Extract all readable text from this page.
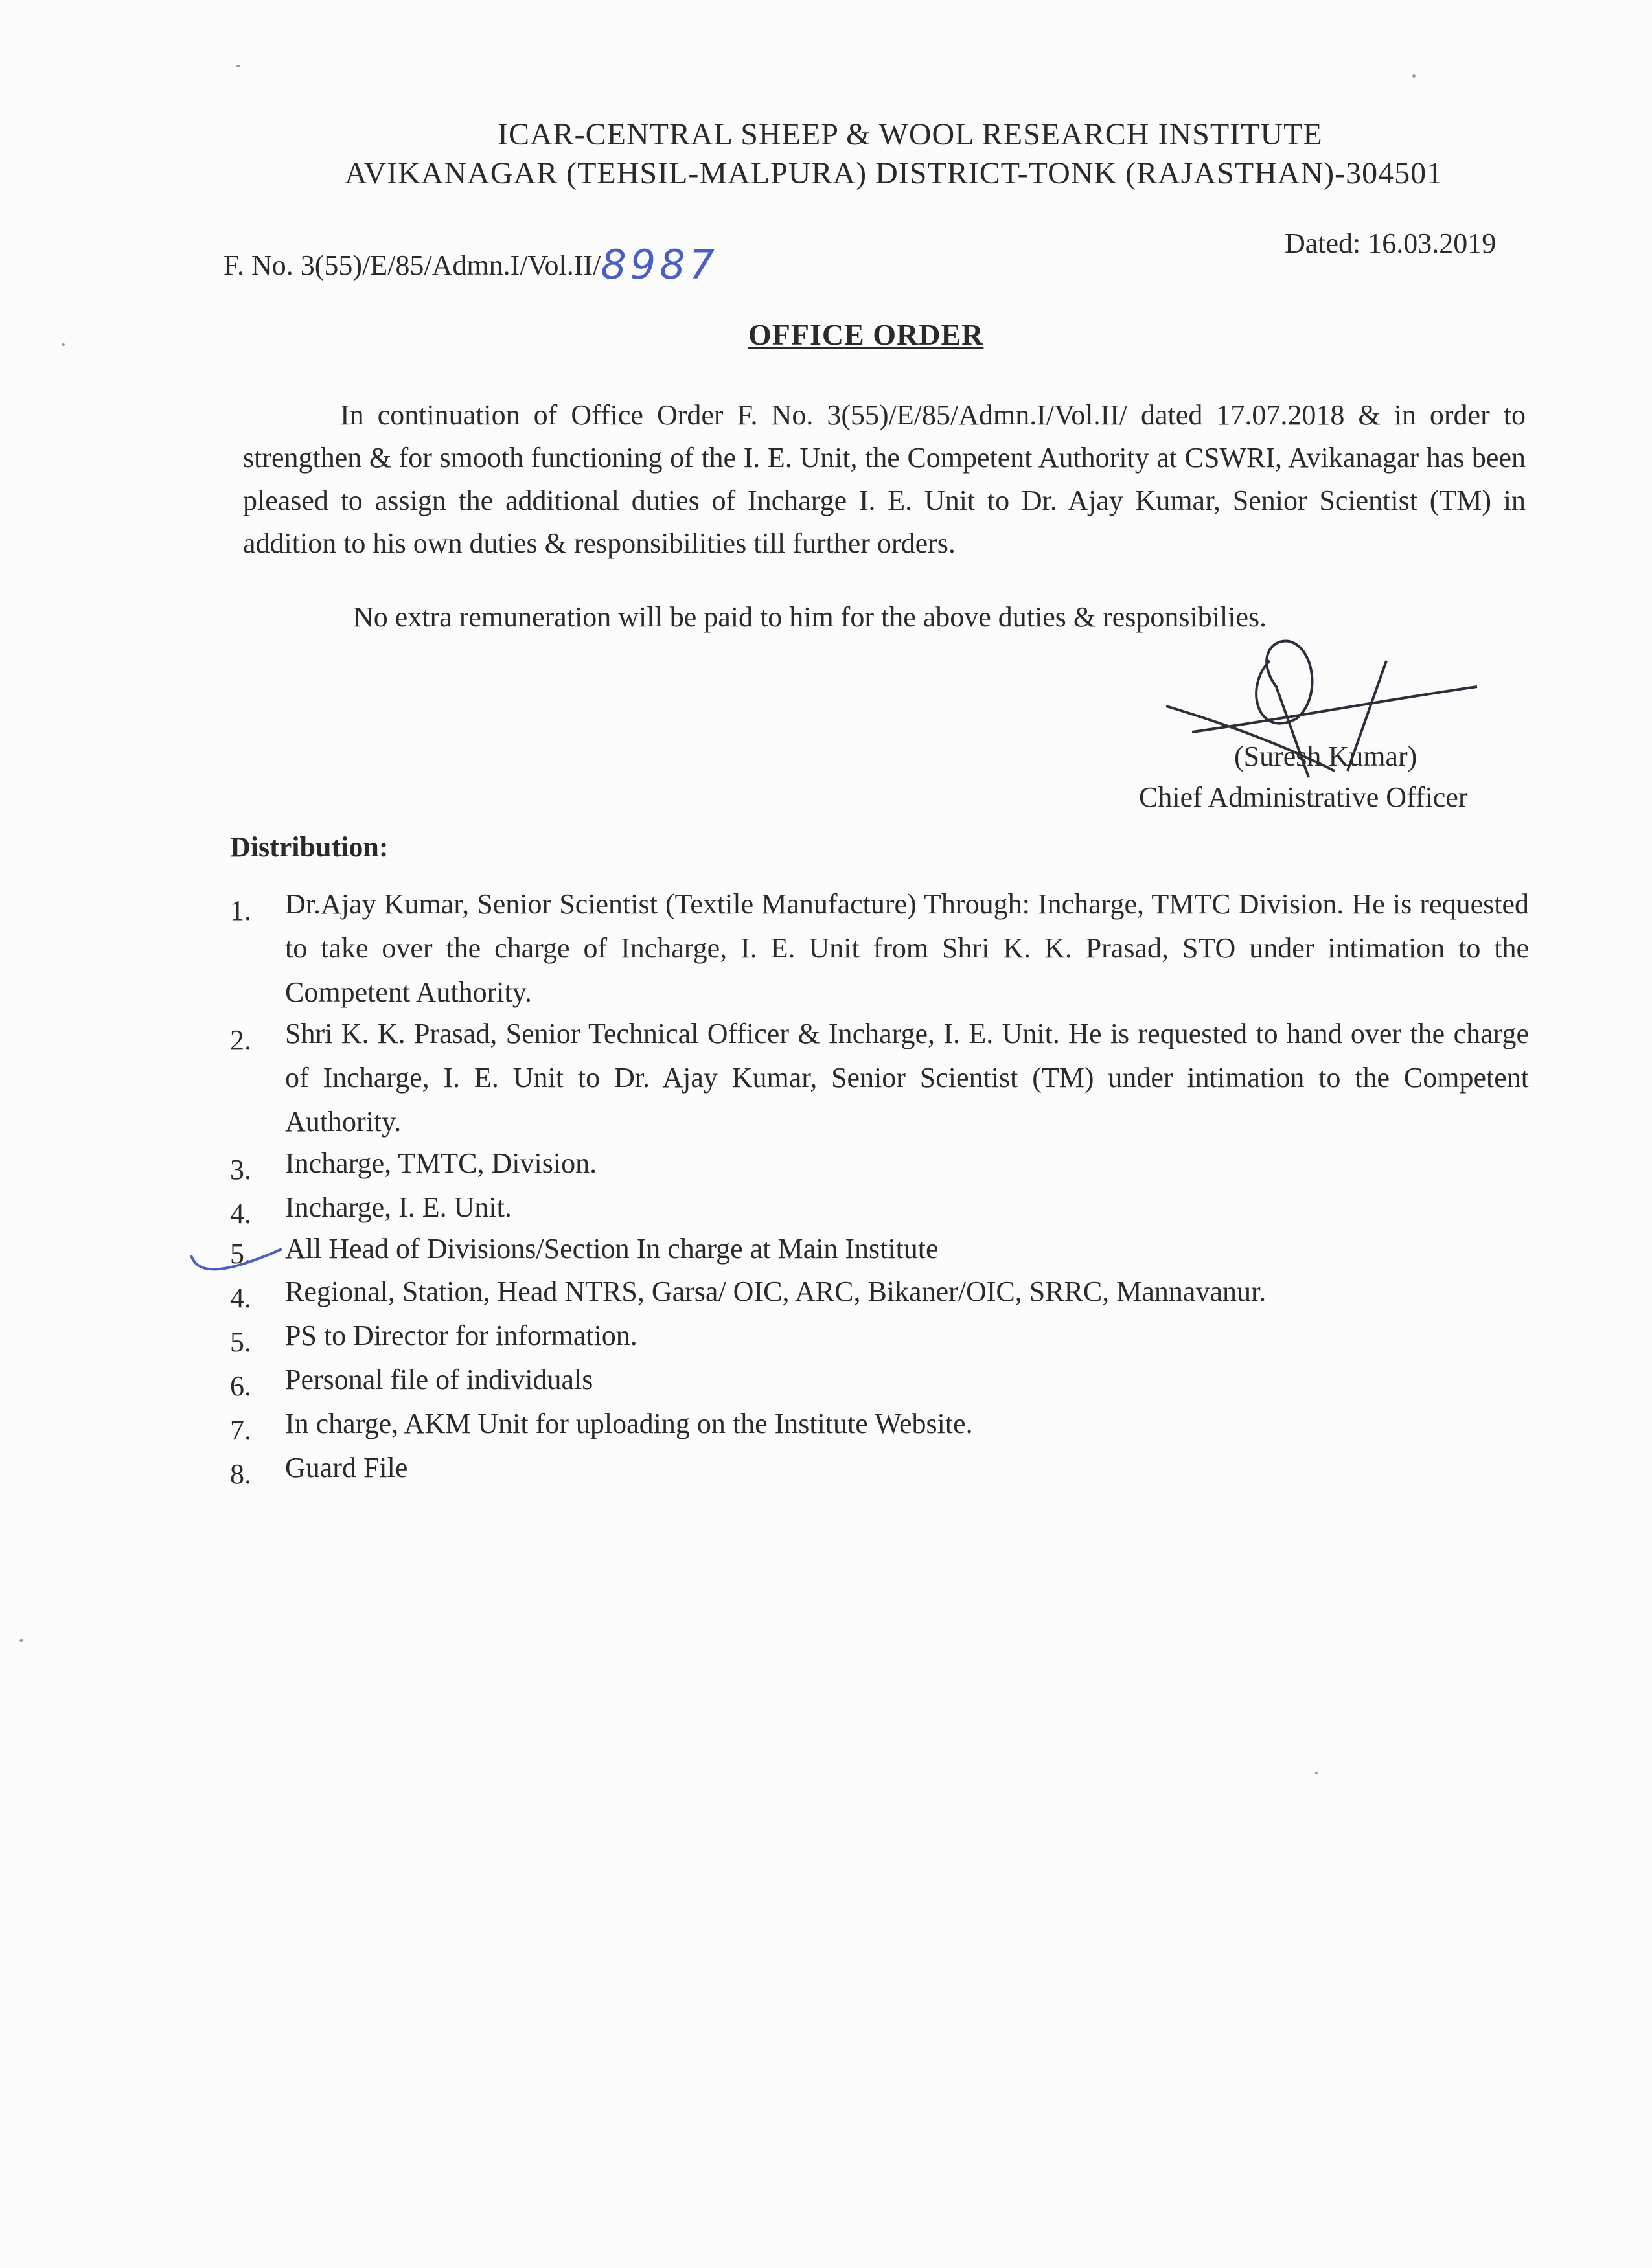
ICAR-CENTRAL SHEEP & WOOL RESEARCH INSTITUTE
AVIKANAGAR (TEHSIL-MALPURA) DISTRICT-TONK (RAJASTHAN)-304501
F. No. 3(55)/E/85/Admn.I/Vol.II/8987	Dated: 16.03.2019
OFFICE ORDER
In continuation of Office Order F. No. 3(55)/E/85/Admn.I/Vol.II/ dated 17.07.2018 & in order to strengthen & for smooth functioning of the I. E. Unit, the Competent Authority at CSWRI, Avikanagar has been pleased to assign the additional duties of Incharge I. E. Unit to Dr. Ajay Kumar, Senior Scientist (TM) in addition to his own duties & responsibilities till further orders.
No extra remuneration will be paid to him for the above duties & responsibilies.
(Suresh Kumar)
Chief Administrative Officer
Distribution:
1. Dr.Ajay Kumar, Senior Scientist (Textile Manufacture) Through: Incharge, TMTC Division. He is requested to take over the charge of Incharge, I. E. Unit from Shri K. K. Prasad, STO under intimation to the Competent Authority.
2. Shri K. K. Prasad, Senior Technical Officer & Incharge, I. E. Unit. He is requested to hand over the charge of Incharge, I. E. Unit to Dr. Ajay Kumar, Senior Scientist (TM) under intimation to the Competent Authority.
3. Incharge, TMTC, Division.
4. Incharge, I. E. Unit.
5. All Head of Divisions/Section In charge at Main Institute
4. Regional, Station, Head NTRS, Garsa/ OIC, ARC, Bikaner/OIC, SRRC, Mannavanur.
5. PS to Director for information.
6. Personal file of individuals
7. In charge, AKM Unit for uploading on the Institute Website.
8. Guard File
